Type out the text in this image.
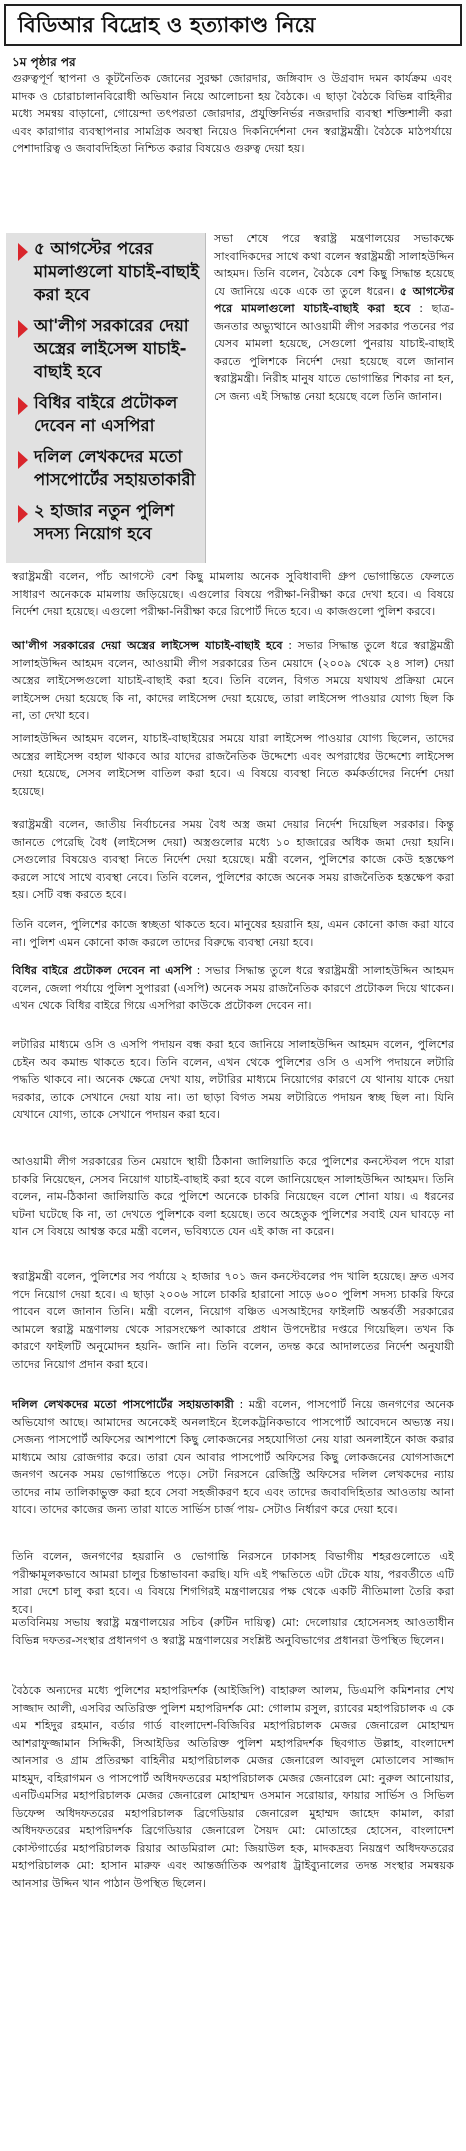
বিডিআর বিদ্রোহ ও হত্যাকাণ্ড নিয়ে
১ম পৃষ্ঠার পর
গুরুত্বপূর্ণ স্থাপনা ও কূটনৈতিক জোনের সুরক্ষা জোরদার, জঙ্গিবাদ ও উগ্রবাদ দমন কার্যক্রম এবং মাদক ও চোরাচালানবিরোধী অভিযান নিয়ে আলোচনা হয় বৈঠকে। এ ছাড়া বৈঠকে বিভিন্ন বাহিনীর মধ্যে সমন্বয় বাড়ানো, গোয়েন্দা তৎপরতা জোরদার, প্রযুক্তিনির্ভর নজরদারি ব্যবস্থা শক্তিশালী করা এবং কারাগার ব্যবস্থাপনার সামগ্রিক অবস্থা নিয়েও দিকনির্দেশনা দেন স্বরাষ্ট্রমন্ত্রী। বৈঠকে মাঠপর্যায়ে পেশাদারিত্ব ও জবাবদিহিতা নিশ্চিত করার বিষয়েও গুরুত্ব দেয়া হয়।
৫ আগস্টের পরের মামলাগুলো যাচাই-বাছাই করা হবে
আ'লীগ সরকারের দেয়া অস্ত্রের লাইসেন্স যাচাই-বাছাই হবে
বিধির বাইরে প্রটোকল দেবেন না এসপিরা
দলিল লেখকদের মতো পাসপোর্টের সহায়তাকারী
২ হাজার নতুন পুলিশ সদস্য নিয়োগ হবে
সভা শেষে পরে স্বরাষ্ট্র মন্ত্রণালয়ের সভাকক্ষে সাংবাদিকদের সাথে কথা বলেন স্বরাষ্ট্রমন্ত্রী সালাহউদ্দিন আহমদ। তিনি বলেন, বৈঠকে বেশ কিছু সিদ্ধান্ত হয়েছে যে জানিয়ে একে একে তা তুলে ধরেন। ৫ আগস্টের পরে মামলাগুলো যাচাই-বাছাই করা হবে : ছাত্র-জনতার অভ্যুত্থানে আওয়ামী লীগ সরকার পতনের পর যেসব মামলা হয়েছে, সেগুলো পুনরায় যাচাই-বাছাই করতে পুলিশকে নির্দেশ দেয়া হয়েছে বলে জানান স্বরাষ্ট্রমন্ত্রী। নিরীহ মানুষ যাতে ভোগান্তির শিকার না হন, সে জন্য এই সিদ্ধান্ত নেয়া হয়েছে বলে তিনি জানান।
স্বরাষ্ট্রমন্ত্রী বলেন, পাঁচ আগস্টে বেশ কিছু মামলায় অনেক সুবিধাবাদী গ্রুপ ভোগান্তিতে ফেলতে সাধারণ অনেককে মামলায় জড়িয়েছে। এগুলোর বিষয়ে পরীক্ষা-নিরীক্ষা করে দেখা হবে। এ বিষয়ে নির্দেশ দেয়া হয়েছে। এগুলো পরীক্ষা-নিরীক্ষা করে রিপোর্ট দিতে হবে। এ কাজগুলো পুলিশ করবে।
আ'লীগ সরকারের দেয়া অস্ত্রের লাইসেন্স যাচাই-বাছাই হবে : সভার সিদ্ধান্ত তুলে ধরে স্বরাষ্ট্রমন্ত্রী সালাহউদ্দিন আহমদ বলেন, আওয়ামী লীগ সরকারের তিন মেয়াদে (২০০৯ থেকে ২৪ সাল) দেয়া অস্ত্রের লাইসেন্সগুলো যাচাই-বাছাই করা হবে। তিনি বলেন, বিগত সময়ে যথাযথ প্রক্রিয়া মেনে লাইসেন্স দেয়া হয়েছে কি না, কাদের লাইসেন্স দেয়া হয়েছে, তারা লাইসেন্স পাওয়ার যোগ্য ছিল কি না, তা দেখা হবে।
সালাহউদ্দিন আহমদ বলেন, যাচাই-বাছাইয়ের সময়ে যারা লাইসেন্স পাওয়ার যোগ্য ছিলেন, তাদের অস্ত্রের লাইসেন্স বহাল থাকবে আর যাদের রাজনৈতিক উদ্দেশ্যে এবং অপরাধের উদ্দেশ্যে লাইসেন্স দেয়া হয়েছে, সেসব লাইসেন্স বাতিল করা হবে। এ বিষয়ে ব্যবস্থা নিতে কর্মকর্তাদের নির্দেশ দেয়া হয়েছে।
স্বরাষ্ট্রমন্ত্রী বলেন, জাতীয় নির্বাচনের সময় বৈধ অস্ত্র জমা দেয়ার নির্দেশ দিয়েছিল সরকার। কিন্তু জানতে পেরেছি বৈধ (লাইসেন্স দেয়া) অস্ত্রগুলোর মধ্যে ১০ হাজারের অধিক জমা দেয়া হয়নি। সেগুলোর বিষয়েও ব্যবস্থা নিতে নির্দেশ দেয়া হয়েছে। মন্ত্রী বলেন, পুলিশের কাজে কেউ হস্তক্ষেপ করলে সাথে সাথে ব্যবস্থা নেবে। তিনি বলেন, পুলিশের কাজে অনেক সময় রাজনৈতিক হস্তক্ষেপ করা হয়। সেটি বন্ধ করতে হবে।
তিনি বলেন, পুলিশের কাজে স্বচ্ছতা থাকতে হবে। মানুষের হয়রানি হয়, এমন কোনো কাজ করা যাবে না। পুলিশ এমন কোনো কাজ করলে তাদের বিরুদ্ধে ব্যবস্থা নেয়া হবে।
বিধির বাইরে প্রটোকল দেবেন না এসপি : সভার সিদ্ধান্ত তুলে ধরে স্বরাষ্ট্রমন্ত্রী সালাহউদ্দিন আহমদ বলেন, জেলা পর্যায়ে পুলিশ সুপাররা (এসপি) অনেক সময় রাজনৈতিক কারণে প্রটোকল দিয়ে থাকেন। এখন থেকে বিধির বাইরে গিয়ে এসপিরা কাউকে প্রটোকল দেবেন না।
লটারির মাধ্যমে ওসি ও এসপি পদায়ন বন্ধ করা হবে জানিয়ে সালাহউদ্দিন আহমদ বলেন, পুলিশের চেইন অব কমান্ড থাকতে হবে। তিনি বলেন, এখন থেকে পুলিশের ওসি ও এসপি পদায়নে লটারি পদ্ধতি থাকবে না। অনেক ক্ষেত্রে দেখা যায়, লটারির মাধ্যমে নিয়োগের কারণে যে থানায় যাকে দেয়া দরকার, তাকে সেখানে দেয়া যায় না। তা ছাড়া বিগত সময় লটারিতে পদায়ন স্বচ্ছ ছিল না। যিনি যেখানে যোগ্য, তাকে সেখানে পদায়ন করা হবে।
আওয়ামী লীগ সরকারের তিন মেয়াদে স্থায়ী ঠিকানা জালিয়াতি করে পুলিশের কনস্টেবল পদে যারা চাকরি নিয়েছেন, সেসব নিয়োগ যাচাই-বাছাই করা হবে বলে জানিয়েছেন সালাহউদ্দিন আহমদ। তিনি বলেন, নাম-ঠিকানা জালিয়াতি করে পুলিশে অনেকে চাকরি নিয়েছেন বলে শোনা যায়। এ ধরনের ঘটনা ঘটেছে কি না, তা দেখতে পুলিশকে বলা হয়েছে। তবে অহেতুক পুলিশের সবাই যেন ঘাবড়ে না যান সে বিষয়ে আশ্বস্ত করে মন্ত্রী বলেন, ভবিষ্যতে যেন এই কাজ না করেন।
স্বরাষ্ট্রমন্ত্রী বলেন, পুলিশের সব পর্যায়ে ২ হাজার ৭০১ জন কনস্টেবলের পদ খালি হয়েছে। দ্রুত এসব পদে নিয়োগ দেয়া হবে। এ ছাড়া ২০০৬ সালে চাকরি হারানো সাড়ে ৬০০ পুলিশ সদস্য চাকরি ফিরে পাবেন বলে জানান তিনি। মন্ত্রী বলেন, নিয়োগ বঞ্চিত এসআইদের ফাইলটি অন্তর্বর্তী সরকারের আমলে স্বরাষ্ট্র মন্ত্রণালয় থেকে সারসংক্ষেপ আকারে প্রধান উপদেষ্টার দপ্তরে গিয়েছিল। তখন কি কারণে ফাইলটি অনুমোদন হয়নি- জানি না। তিনি বলেন, তদন্ত করে আদালতের নির্দেশ অনুযায়ী তাদের নিয়োগ প্রদান করা হবে।
দলিল লেখকদের মতো পাসপোর্টের সহায়তাকারী : মন্ত্রী বলেন, পাসপোর্ট নিয়ে জনগণের অনেক অভিযোগ আছে। আমাদের অনেকেই অনলাইনে ইলেকট্রনিকভাবে পাসপোর্ট আবেদনে অভ্যস্ত নয়। সেজন্য পাসপোর্ট অফিসের আশপাশে কিছু লোকজনের সহযোগিতা নেয় যারা অনলাইনে কাজ করার মাধ্যমে আয় রোজগার করে। তারা যেন আবার পাসপোর্ট অফিসের কিছু লোকজনের যোগসাজশে জনগণ অনেক সময় ভোগান্তিতে পড়ে। সেটা নিরসনে রেজিস্ট্রি অফিসের দলিল লেখকদের ন্যায় তাদের নাম তালিকাভুক্ত করা হবে সেবা সহজীকরণ হবে এবং তাদের জবাবদিহিতার আওতায় আনা যাবে। তাদের কাজের জন্য তারা যাতে সার্ভিস চার্জ পায়- সেটাও নির্ধারণ করে দেয়া হবে।
তিনি বলেন, জনগণের হয়রানি ও ভোগান্তি নিরসনে ঢাকাসহ বিভাগীয় শহরগুলোতে এই পরীক্ষামূলকভাবে আমরা চালুর চিন্তাভাবনা করছি। যদি এই পদ্ধতিতে এটা টেকে যায়, পরবর্তীতে এটি সারা দেশে চালু করা হবে। এ বিষয়ে শিগগিরই মন্ত্রণালয়ের পক্ষ থেকে একটি নীতিমালা তৈরি করা হবে।
মতবিনিময় সভায় স্বরাষ্ট্র মন্ত্রণালয়ের সচিব (রুটিন দায়িত্ব) মো: দেলোয়ার হোসেনসহ আওতাধীন বিভিন্ন দফতর-সংস্থার প্রধানগণ ও স্বরাষ্ট্র মন্ত্রণালয়ের সংশ্লিষ্ট অনুবিভাগের প্রধানরা উপস্থিত ছিলেন।
বৈঠকে অন্যদের মধ্যে পুলিশের মহাপরিদর্শক (আইজিপি) বাহারুল আলম, ডিএমপি কমিশনার শেখ সাজ্জাদ আলী, এসবির অতিরিক্ত পুলিশ মহাপরিদর্শক মো: গোলাম রসুল, র‍্যাবের মহাপরিচালক এ কে এম শহিদুর রহমান, বর্ডার গার্ড বাংলাদেশ-বিজিবির মহাপরিচালক মেজর জেনারেল মোহাম্মদ আশরাফুজ্জামান সিদ্দিকী, সিআইডির অতিরিক্ত পুলিশ মহাপরিদর্শক ছিবগাত উল্লাহ, বাংলাদেশ আনসার ও গ্রাম প্রতিরক্ষা বাহিনীর মহাপরিচালক মেজর জেনারেল আবদুল মোতালেব সাজ্জাদ মাহমুদ, বহিরাগমন ও পাসপোর্ট অধিদফতরের মহাপরিচালক মেজর জেনারেল মো: নুরুল আনোয়ার, এনটিএমসির মহাপরিচালক মেজর জেনারেল মোহাম্মদ ওসমান সরোয়ার, ফায়ার সার্ভিস ও সিভিল ডিফেন্স অধিদফতরের মহাপরিচালক ব্রিগেডিয়ার জেনারেল মুহাম্মদ জাহেদ কামাল, কারা অধিদফতরের মহাপরিদর্শক ব্রিগেডিয়ার জেনারেল সৈয়দ মো: মোতাহের হোসেন, বাংলাদেশ কোস্টগার্ডের মহাপরিচালক রিয়ার আডমিরাল মো: জিয়াউল হক, মাদকদ্রব্য নিয়ন্ত্রণ অধিদফতরের মহাপরিচালক মো: হাসান মারুফ এবং আন্তর্জাতিক অপরাধ ট্রাইব্যুনালের তদন্ত সংস্থার সমন্বয়ক আনসার উদ্দিন খান পাঠান উপস্থিত ছিলেন।
